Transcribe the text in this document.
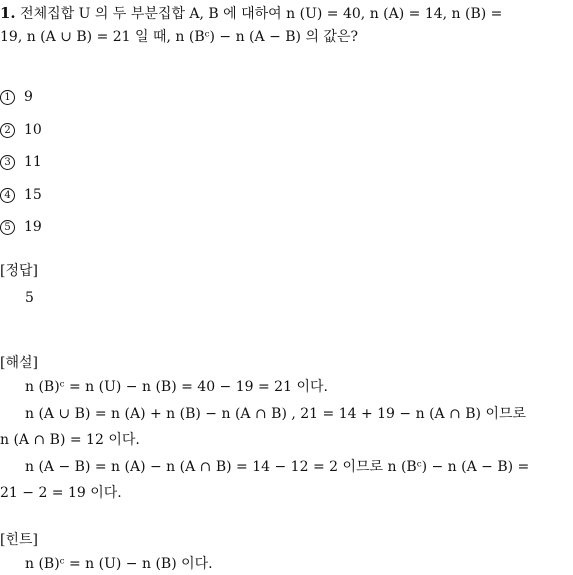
1. 전체집합 U 의 두 부분집합 A, B 에 대하여 n (U) = 40, n (A) = 14, n (B) =
19, n (A ∪ B) = 21 일 때, n (Bᶜ) − n (A − B) 의 값은?
1 9
2 10
3 11
4 15
5 19
[정답]
5
[해설]
n (B)ᶜ = n (U) − n (B) = 40 − 19 = 21 이다.
n (A ∪ B) = n (A) + n (B) − n (A ∩ B) , 21 = 14 + 19 − n (A ∩ B) 이므로
n (A ∩ B) = 12 이다.
n (A − B) = n (A) − n (A ∩ B) = 14 − 12 = 2 이므로 n (Bᶜ) − n (A − B) =
21 − 2 = 19 이다.
[힌트]
n (B)ᶜ = n (U) − n (B) 이다.
